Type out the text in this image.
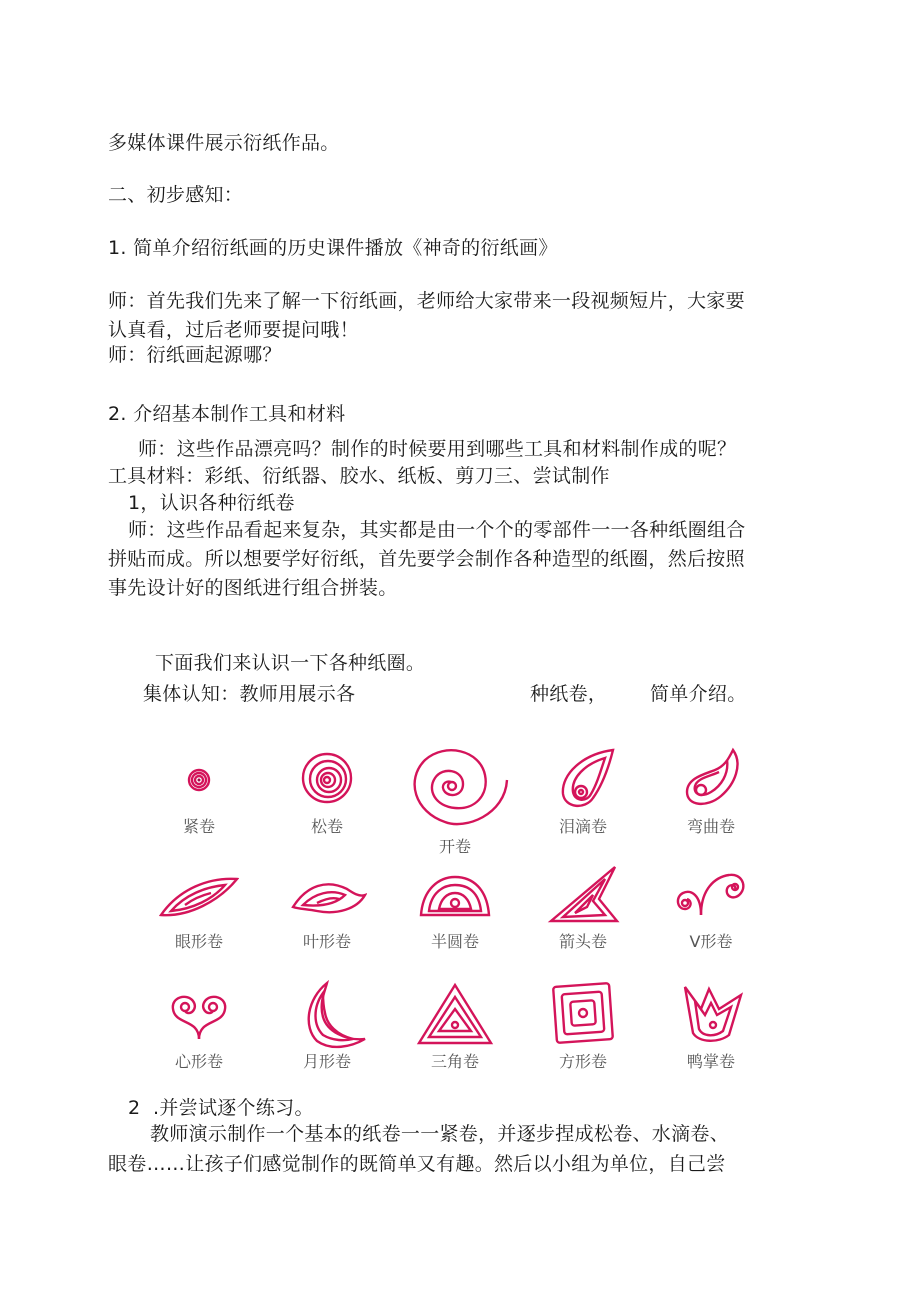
多媒体课件展示衍纸作品。
二、初步感知：
1. 简单介绍衍纸画的历史课件播放《神奇的衍纸画》
师：首先我们先来了解一下衍纸画，老师给大家带来一段视频短片，大家要
认真看，过后老师要提问哦！
师：衍纸画起源哪？
2. 介绍基本制作工具和材料
师：这些作品漂亮吗？制作的时候要用到哪些工具和材料制作成的呢？
工具材料：彩纸、衍纸器、胶水、纸板、剪刀三、尝试制作
1，认识各种衍纸卷
师：这些作品看起来复杂，其实都是由一个个的零部件一一各种纸圈组合
拼贴而成。所以想要学好衍纸，首先要学会制作各种造型的纸圈，然后按照
事先设计好的图纸进行组合拼装。
下面我们来认识一下各种纸圈。
集体认知：教师用展示各	种纸卷， 简单介绍。
紧卷	松卷
开卷
泪滴卷	弯曲卷
眼形卷	叶形卷	半圆卷	箭头卷	V形卷
心形卷	月形卷	三角卷	方形卷	鸭掌卷
2 .并尝试逐个练习。
教师演示制作一个基本的纸卷一一紧卷，并逐步捏成松卷、水滴卷、
眼卷……让孩子们感觉制作的既简单又有趣。然后以小组为单位，自己尝
